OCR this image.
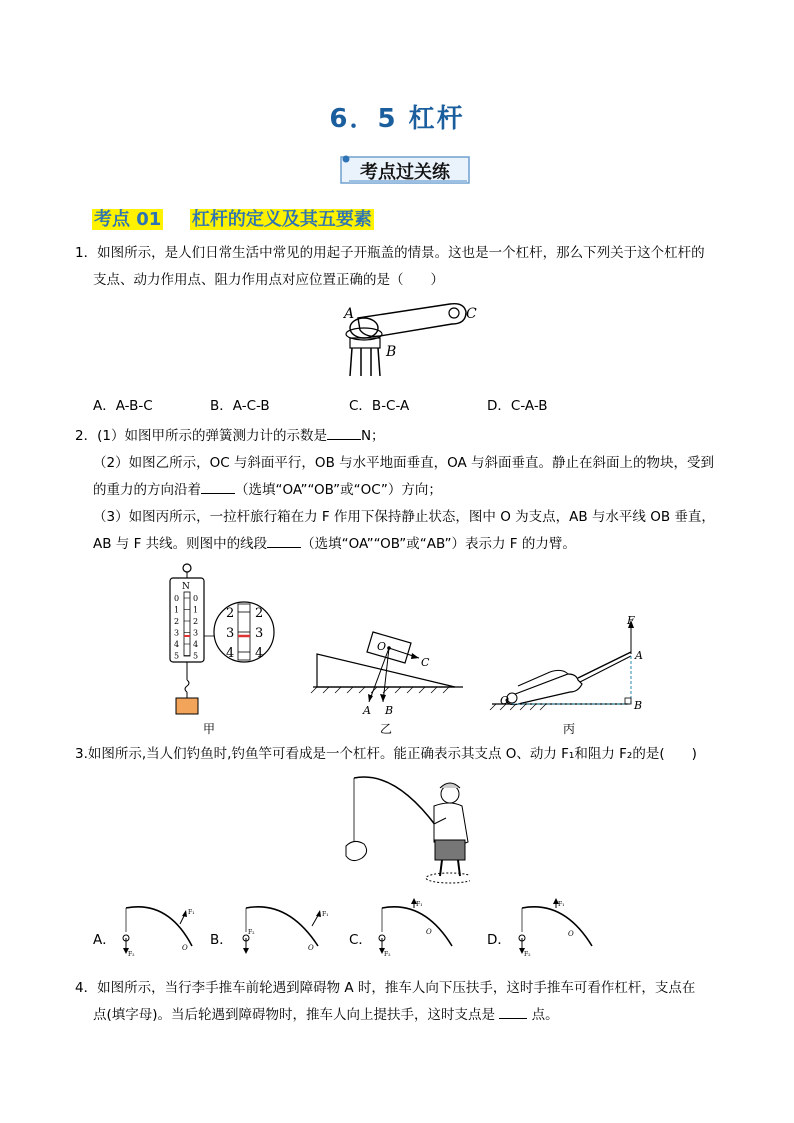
6．5 杠杆
考点过关练
考点 01 杠杆的定义及其五要素
1．如图所示，是人们日常生活中常见的用起子开瓶盖的情景。这也是一个杠杆，那么下列关于这个杠杆的
支点、动力作用点、阻力作用点对应位置正确的是（　　）
A	C
B
A．A-B-C	B．A-C-B	C．B-C-A	D．C-A-B
2．(1）如图甲所示的弹簧测力计的示数是	N；
（2）如图乙所示，OC 与斜面平行，OB 与水平地面垂直，OA 与斜面垂直。静止在斜面上的物块，受到
的重力的方向沿着	（选填“OA”“OB”或“OC”）方向；
（3）如图丙所示，一拉杆旅行箱在力 F 作用下保持静止状态，图中 O 为支点，AB 与水平线 OB 垂直，
AB 与 F 共线。则图中的线段	（选填“OA”“OB”或“AB”）表示力 F 的力臂。
N
0 0
1 1
2 2
3 3
4 4
5 5
2 2
3 3
4 4
甲
O
C
A B
乙
F
A
O	B
丙
3.如图所示,当人们钓鱼时,钓鱼竿可看成是一个杠杆。能正确表示其支点 O、动力 F₁和阻力 F₂的是(　　)
A．
F₁
F₂
O B．
F₁
F₂
O	C．
F₁
F₂
O	D．
F₁
F₂
O
4．如图所示，当行李手推车前轮遇到障碍物 A 时，推车人向下压扶手，这时手推车可看作杠杆，支点在
点(填字母)。当后轮遇到障碍物时，推车人向上提扶手，这时支点是	点。
